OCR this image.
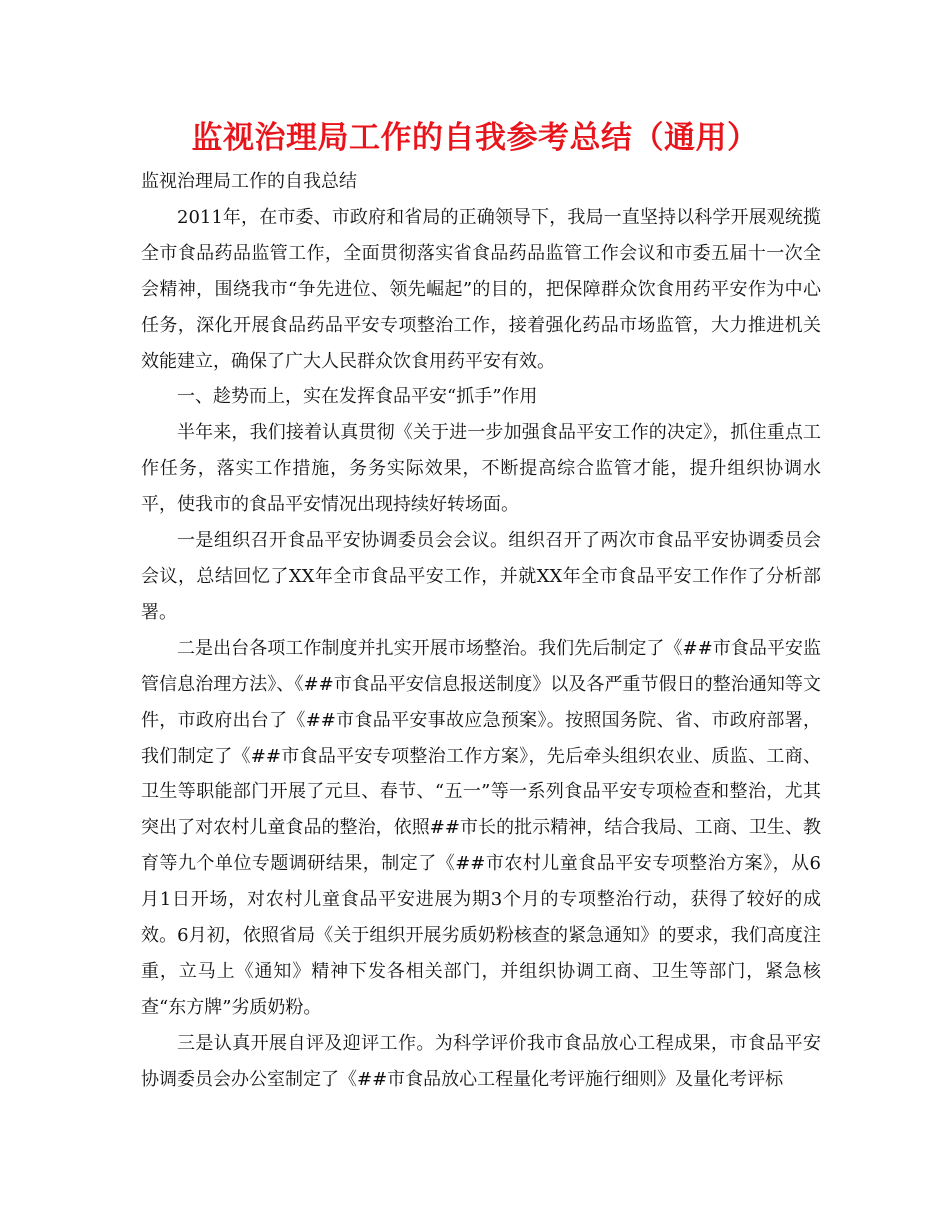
监视治理局工作的自我参考总结（通用）

监视治理局工作的自我总结

2011年，在市委、市政府和省局的正确领导下，我局一直坚持以科学开展观统揽全市食品药品监管工作，全面贯彻落实省食品药品监管工作会议和市委五届十一次全会精神，围绕我市“争先进位、领先崛起”的目的，把保障群众饮食用药平安作为中心任务，深化开展食品药品平安专项整治工作，接着强化药品市场监管，大力推进机关效能建立，确保了广大人民群众饮食用药平安有效。

一、趁势而上，实在发挥食品平安“抓手”作用

半年来，我们接着认真贯彻《关于进一步加强食品平安工作的决定》，抓住重点工作任务，落实工作措施，务务实际效果，不断提高综合监管才能，提升组织协调水平，使我市的食品平安情况出现持续好转场面。

一是组织召开食品平安协调委员会会议。组织召开了两次市食品平安协调委员会会议，总结回忆了XX年全市食品平安工作，并就XX年全市食品平安工作作了分析部署。

二是出台各项工作制度并扎实开展市场整治。我们先后制定了《##市食品平安监管信息治理方法》、《##市食品平安信息报送制度》以及各严重节假日的整治通知等文件，市政府出台了《##市食品平安事故应急预案》。按照国务院、省、市政府部署，我们制定了《##市食品平安专项整治工作方案》，先后牵头组织农业、质监、工商、卫生等职能部门开展了元旦、春节、“五一”等一系列食品平安专项检查和整治，尤其突出了对农村儿童食品的整治，依照##市长的批示精神，结合我局、工商、卫生、教育等九个单位专题调研结果，制定了《##市农村儿童食品平安专项整治方案》，从6月1日开场，对农村儿童食品平安进展为期3个月的专项整治行动，获得了较好的成效。6月初，依照省局《关于组织开展劣质奶粉核查的紧急通知》的要求，我们高度注重，立马上《通知》精神下发各相关部门，并组织协调工商、卫生等部门，紧急核查“东方牌”劣质奶粉。

三是认真开展自评及迎评工作。为科学评价我市食品放心工程成果，市食品平安协调委员会办公室制定了《##市食品放心工程量化考评施行细则》及量化考评标
